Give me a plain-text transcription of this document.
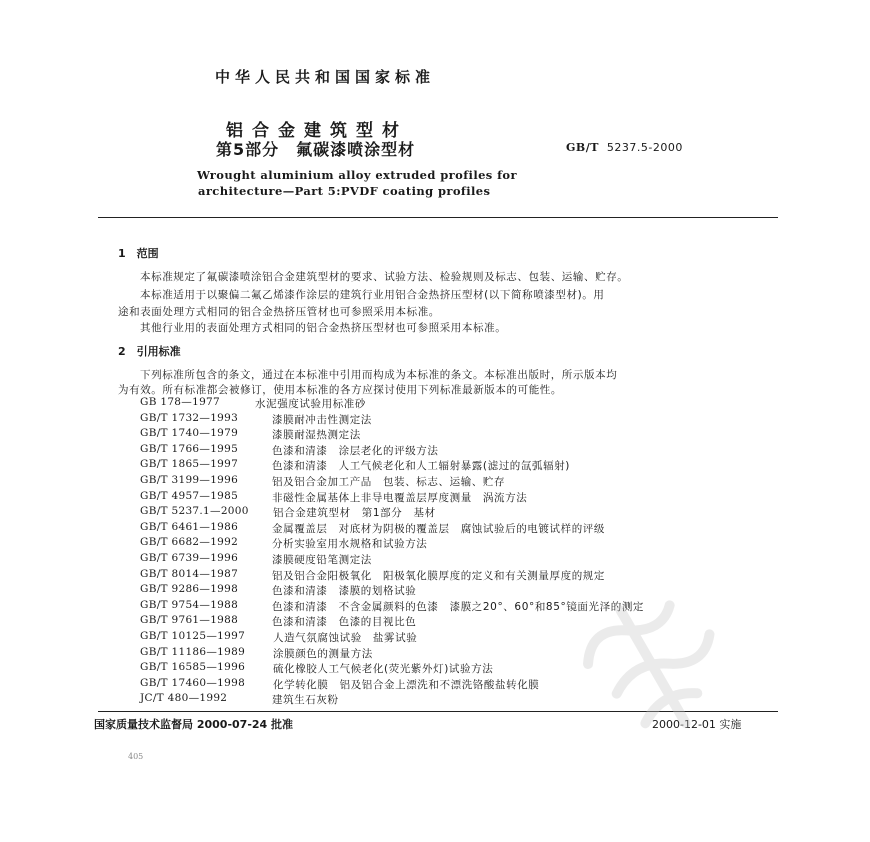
中华人民共和国国家标准
铝合金建筑型材
第5部分　氟碳漆喷涂型材	GB/T 5237.5-2000
Wrought aluminium alloy extruded profiles for
architecture—Part 5:PVDF coating profiles
1　范围
本标准规定了氟碳漆喷涂铝合金建筑型材的要求、试验方法、检验规则及标志、包装、运输、贮存。
本标准适用于以聚偏二氟乙烯漆作涂层的建筑行业用铝合金热挤压型材(以下简称喷漆型材)。用
途和表面处理方式相同的铝合金热挤压管材也可参照采用本标准。
其他行业用的表面处理方式相同的铝合金热挤压型材也可参照采用本标准。
2　引用标准
下列标准所包含的条文，通过在本标准中引用而构成为本标准的条文。本标准出版时，所示版本均
为有效。所有标准都会被修订，使用本标准的各方应探讨使用下列标准最新版本的可能性。
GB 178—1977	水泥强度试验用标准砂
GB/T 1732—1993	漆膜耐冲击性测定法
GB/T 1740—1979	漆膜耐湿热测定法
GB/T 1766—1995	色漆和清漆　涂层老化的评级方法
GB/T 1865—1997	色漆和清漆　人工气候老化和人工辐射暴露(滤过的氙弧辐射)
GB/T 3199—1996	铝及铝合金加工产品　包装、标志、运输、贮存
GB/T 4957—1985	非磁性金属基体上非导电覆盖层厚度测量　涡流方法
GB/T 5237.1—2000 铝合金建筑型材　第1部分　基材
GB/T 6461—1986	金属覆盖层　对底材为阴极的覆盖层　腐蚀试验后的电镀试样的评级
GB/T 6682—1992	分析实验室用水规格和试验方法
GB/T 6739—1996	漆膜硬度铅笔测定法
GB/T 8014—1987	铝及铝合金阳极氧化　阳极氧化膜厚度的定义和有关测量厚度的规定
GB/T 9286—1998	色漆和清漆　漆膜的划格试验
GB/T 9754—1988	色漆和清漆　不含金属颜料的色漆　漆膜之20°、60°和85°镜面光泽的测定
GB/T 9761—1988	色漆和清漆　色漆的目视比色
GB/T 10125—1997	人造气氛腐蚀试验　盐雾试验
GB/T 11186—1989	涂膜颜色的测量方法
GB/T 16585—1996	硫化橡胶人工气候老化(荧光紫外灯)试验方法
GB/T 17460—1998	化学转化膜　铝及铝合金上漂洗和不漂洗铬酸盐转化膜
JC/T 480—1992	建筑生石灰粉
国家质量技术监督局 2000-07-24 批准	2000-12-01 实施
405
